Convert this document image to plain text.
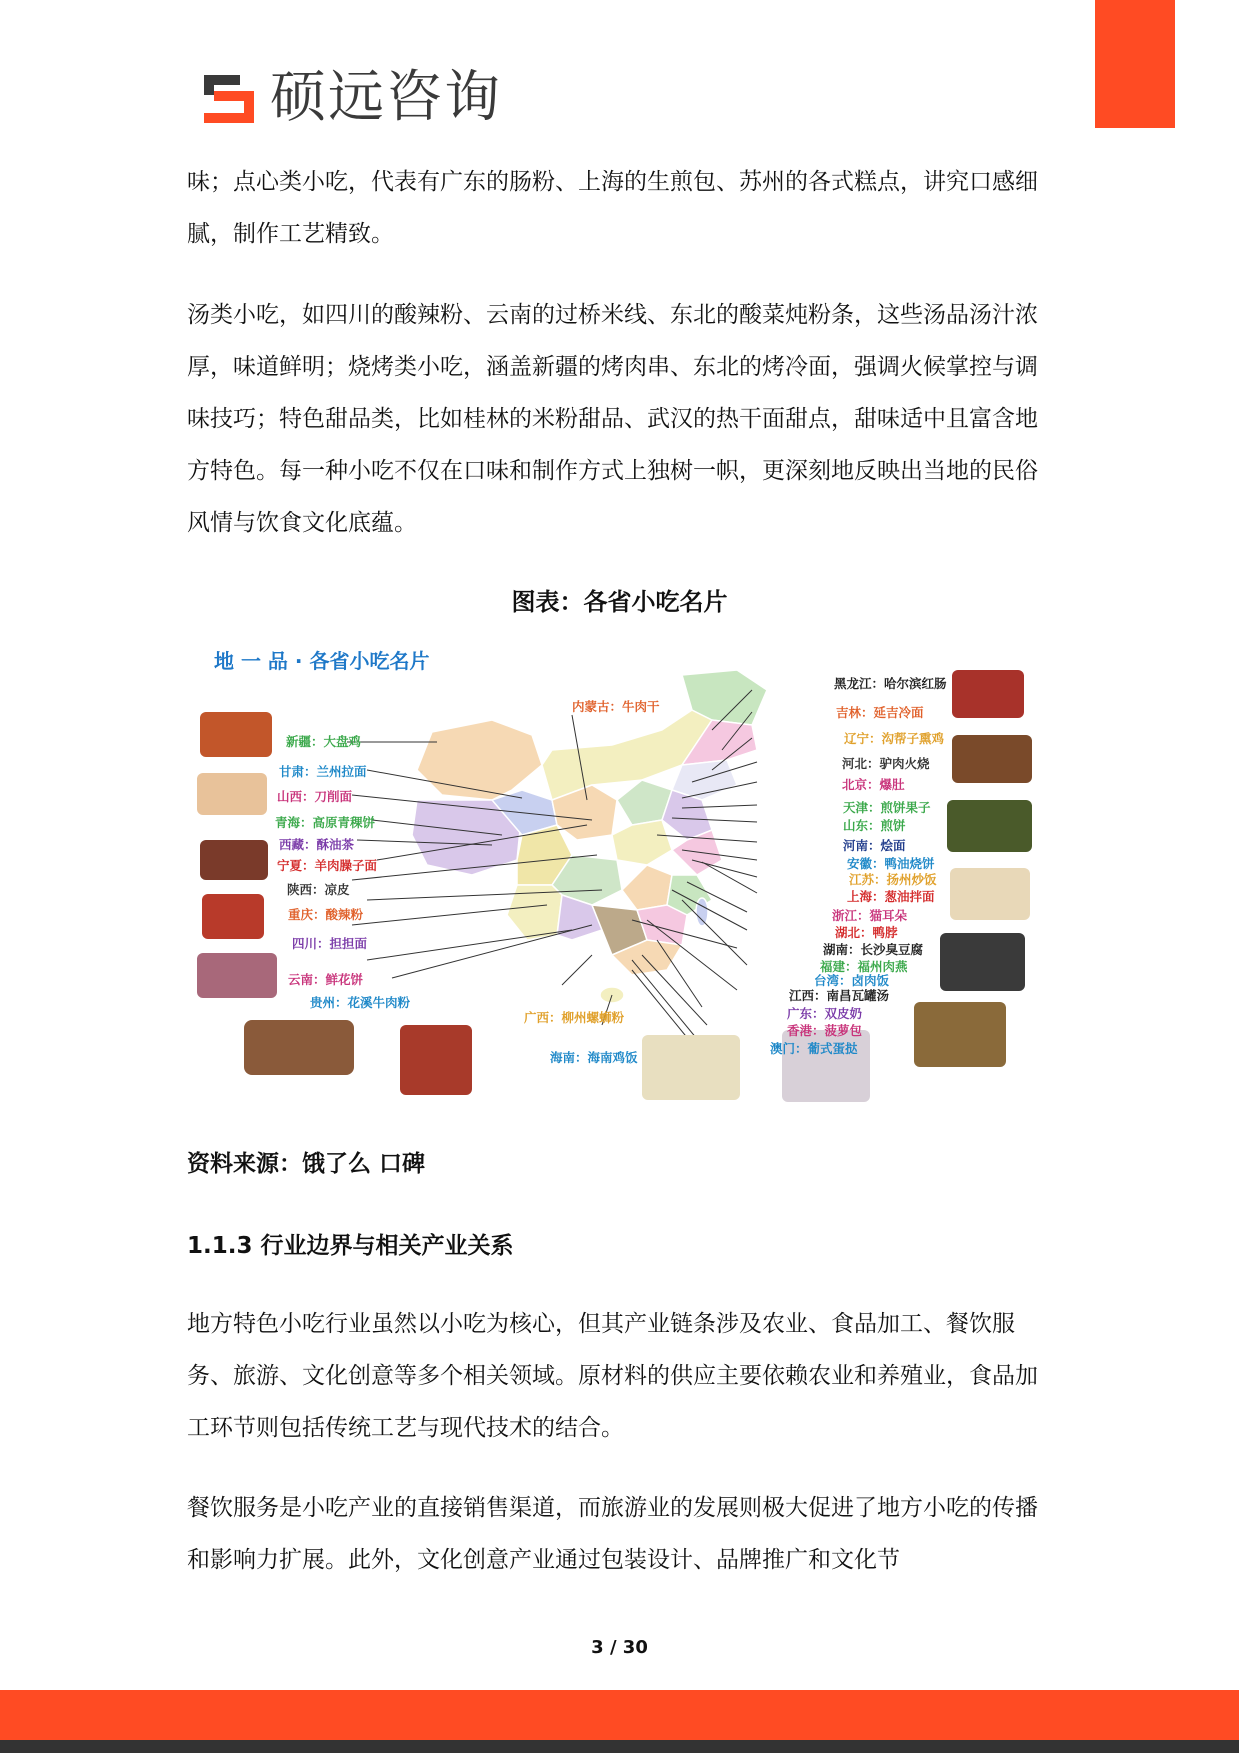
硕远咨询

味；点心类小吃，代表有广东的肠粉、上海的生煎包、苏州的各式糕点，讲究口感细腻，制作工艺精致。

汤类小吃，如四川的酸辣粉、云南的过桥米线、东北的酸菜炖粉条，这些汤品汤汁浓厚，味道鲜明；烧烤类小吃，涵盖新疆的烤肉串、东北的烤冷面，强调火候掌控与调味技巧；特色甜品类，比如桂林的米粉甜品、武汉的热干面甜点，甜味适中且富含地方特色。每一种小吃不仅在口味和制作方式上独树一帜，更深刻地反映出当地的民俗风情与饮食文化底蕴。

图表：各省小吃名片
地 一 品 · 各省小吃名片
新疆：大盘鸡
甘肃：兰州拉面
山西：刀削面
青海：高原青稞饼
西藏：酥油茶
宁夏：羊肉臊子面
陕西：凉皮
重庆：酸辣粉
四川：担担面
云南：鲜花饼
贵州：花溪牛肉粉
内蒙古：牛肉干
广西：柳州螺蛳粉
海南：海南鸡饭
黑龙江：哈尔滨红肠
吉林：延吉冷面
辽宁：沟帮子熏鸡
河北：驴肉火烧
北京：爆肚
天津：煎饼果子
山东：煎饼
河南：烩面
安徽：鸭油烧饼
江苏：扬州炒饭
上海：葱油拌面
浙江：猫耳朵
湖北：鸭脖
湖南：长沙臭豆腐
福建：福州肉燕
台湾：卤肉饭
江西：南昌瓦罐汤
广东：双皮奶
香港：菠萝包
澳门：葡式蛋挞
资料来源：饿了么 口碑
1.1.3 行业边界与相关产业关系

地方特色小吃行业虽然以小吃为核心，但其产业链条涉及农业、食品加工、餐饮服务、旅游、文化创意等多个相关领域。原材料的供应主要依赖农业和养殖业，食品加工环节则包括传统工艺与现代技术的结合。

餐饮服务是小吃产业的直接销售渠道，而旅游业的发展则极大促进了地方小吃的传播和影响力扩展。此外，文化创意产业通过包装设计、品牌推广和文化节

3 / 30
